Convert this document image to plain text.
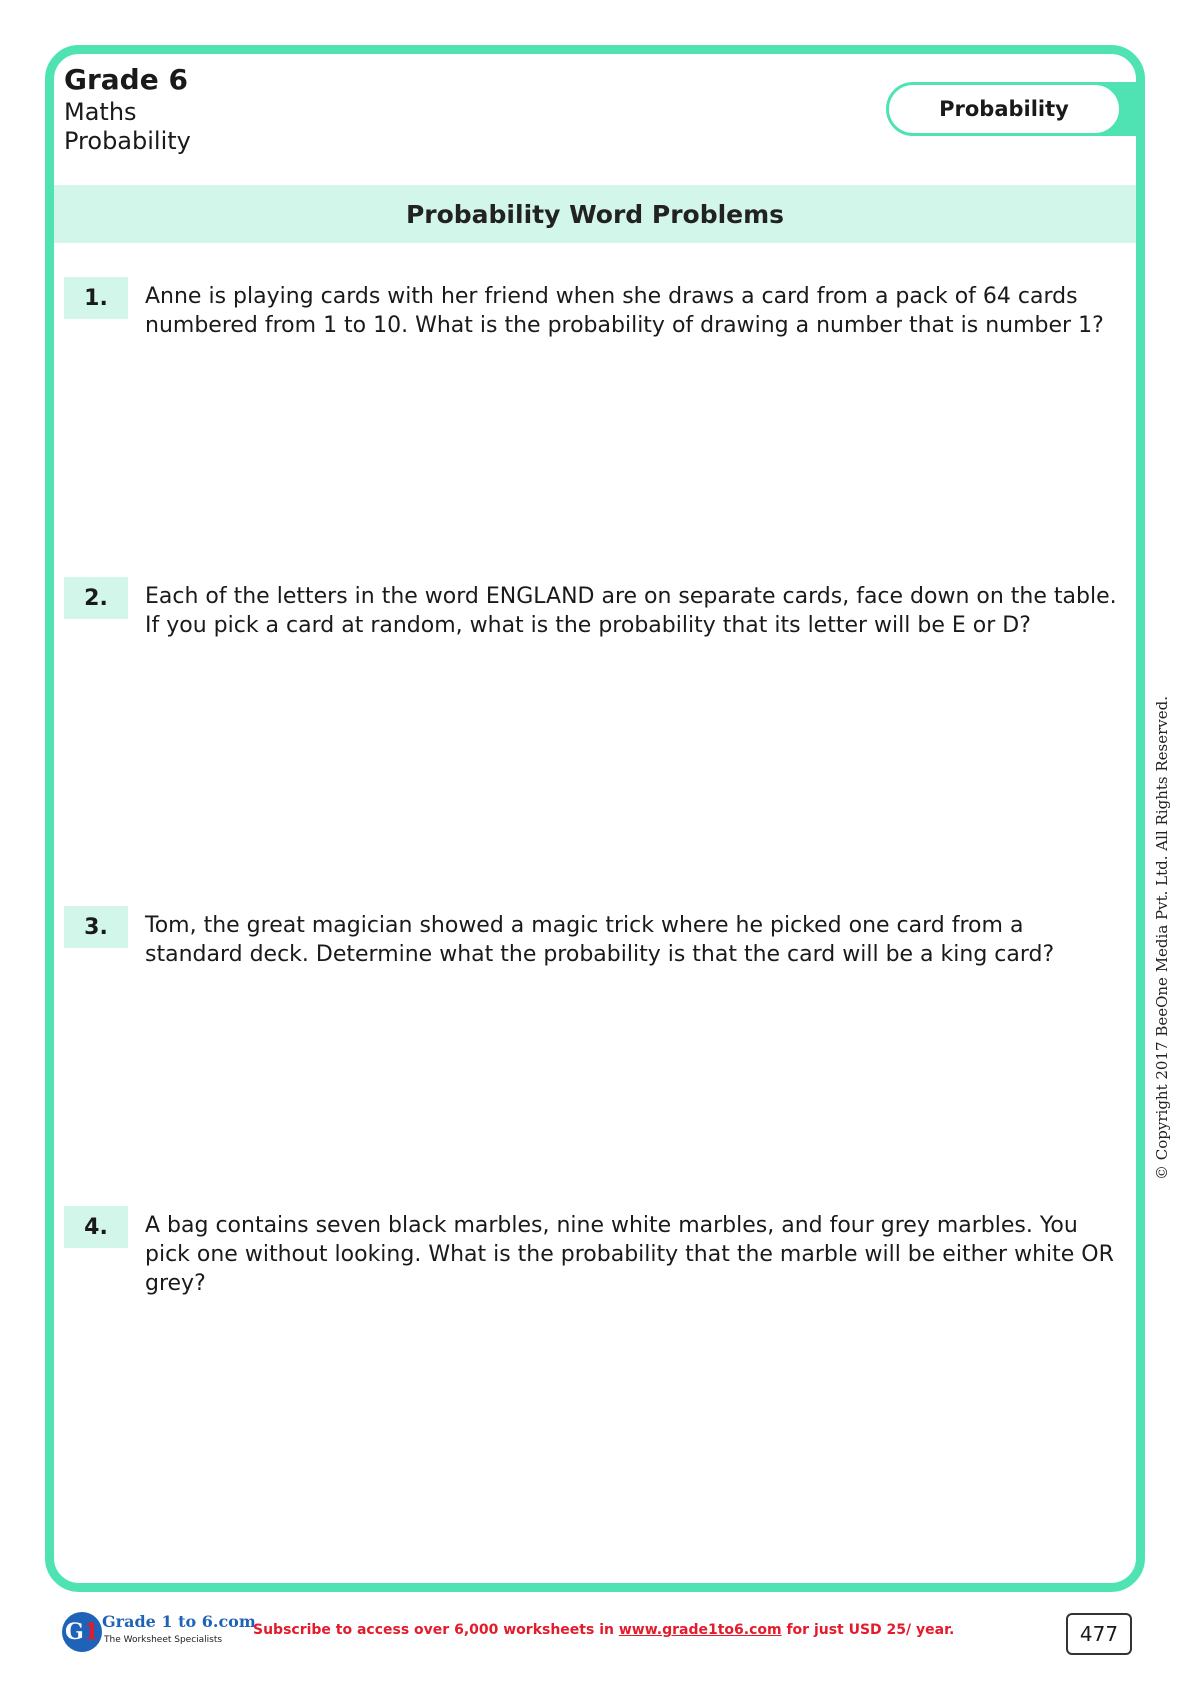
Grade 6
Maths
Probability
Probability
Probability Word Problems
1.	Anne is playing cards with her friend when she draws a card from a pack of 64 cards numbered from 1 to 10. What is the probability of drawing a number that is number 1?
2.	Each of the letters in the word ENGLAND are on separate cards, face down on the table. If you pick a card at random, what is the probability that its letter will be E or D?
3.	Tom, the great magician showed a magic trick where he picked one card from a standard deck. Determine what the probability is that the card will be a king card?
4.	A bag contains seven black marbles, nine white marbles, and four grey marbles. You pick one without looking. What is the probability that the marble will be either white OR grey?
© Copyright 2017 BeeOne Media Pvt. Ltd. All Rights Reserved.
G 1 Grade 1 to 6.com
The Worksheet Specialists
Subscribe to access over 6,000 worksheets in www.grade1to6.com for just USD 25/ year.	477
